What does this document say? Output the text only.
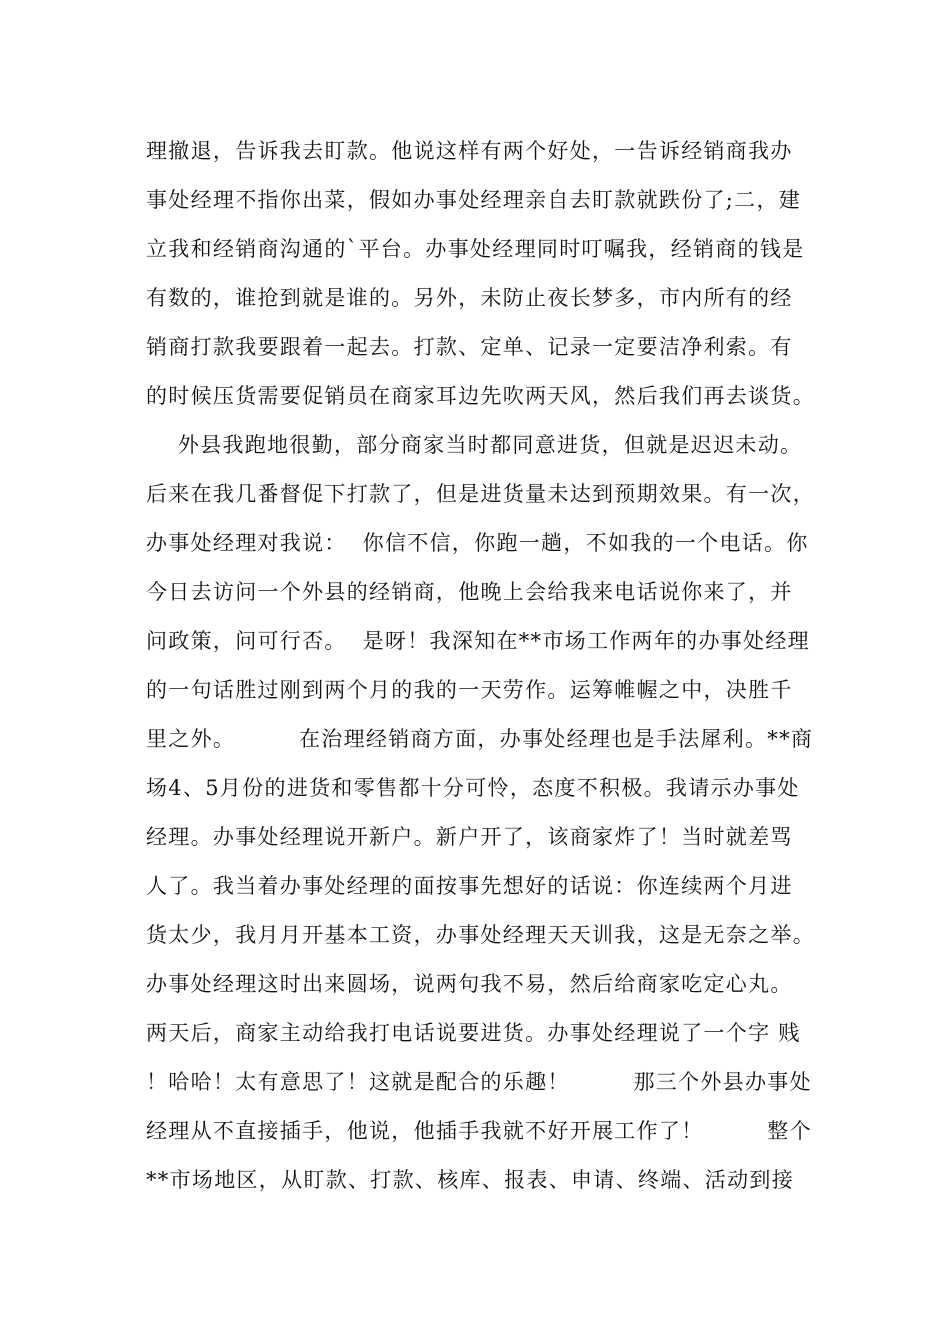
理撤退，告诉我去盯款。他说这样有两个好处，一告诉经销商我办
事处经理不指你出菜，假如办事处经理亲自去盯款就跌份了;二，建
立我和经销商沟通的`平台。办事处经理同时叮嘱我，经销商的钱是
有数的，谁抢到就是谁的。另外，未防止夜长梦多，市内所有的经
销商打款我要跟着一起去。打款、定单、记录一定要洁净利索。有
的时候压货需要促销员在商家耳边先吹两天风，然后我们再去谈货。
外县我跑地很勤，部分商家当时都同意进货，但就是迟迟未动。
后来在我几番督促下打款了，但是进货量未达到预期效果。有一次，
办事处经理对我说：  你信不信，你跑一趟，不如我的一个电话。你
今日去访问一个外县的经销商，他晚上会给我来电话说你来了，并
问政策，问可行否。  是呀！我深知在**市场工作两年的办事处经理
的一句话胜过刚到两个月的我的一天劳作。运筹帷幄之中，决胜千
里之外。        在治理经销商方面，办事处经理也是手法犀利。**商
场4、5月份的进货和零售都十分可怜，态度不积极。我请示办事处
经理。办事处经理说开新户。新户开了，该商家炸了！当时就差骂
人了。我当着办事处经理的面按事先想好的话说：你连续两个月进
货太少，我月月开基本工资，办事处经理天天训我，这是无奈之举。
办事处经理这时出来圆场，说两句我不易，然后给商家吃定心丸。
两天后，商家主动给我打电话说要进货。办事处经理说了一个字 贱
！哈哈！太有意思了！这就是配合的乐趣！        那三个外县办事处
经理从不直接插手，他说，他插手我就不好开展工作了！        整个
**市场地区，从盯款、打款、核库、报表、申请、终端、活动到接
